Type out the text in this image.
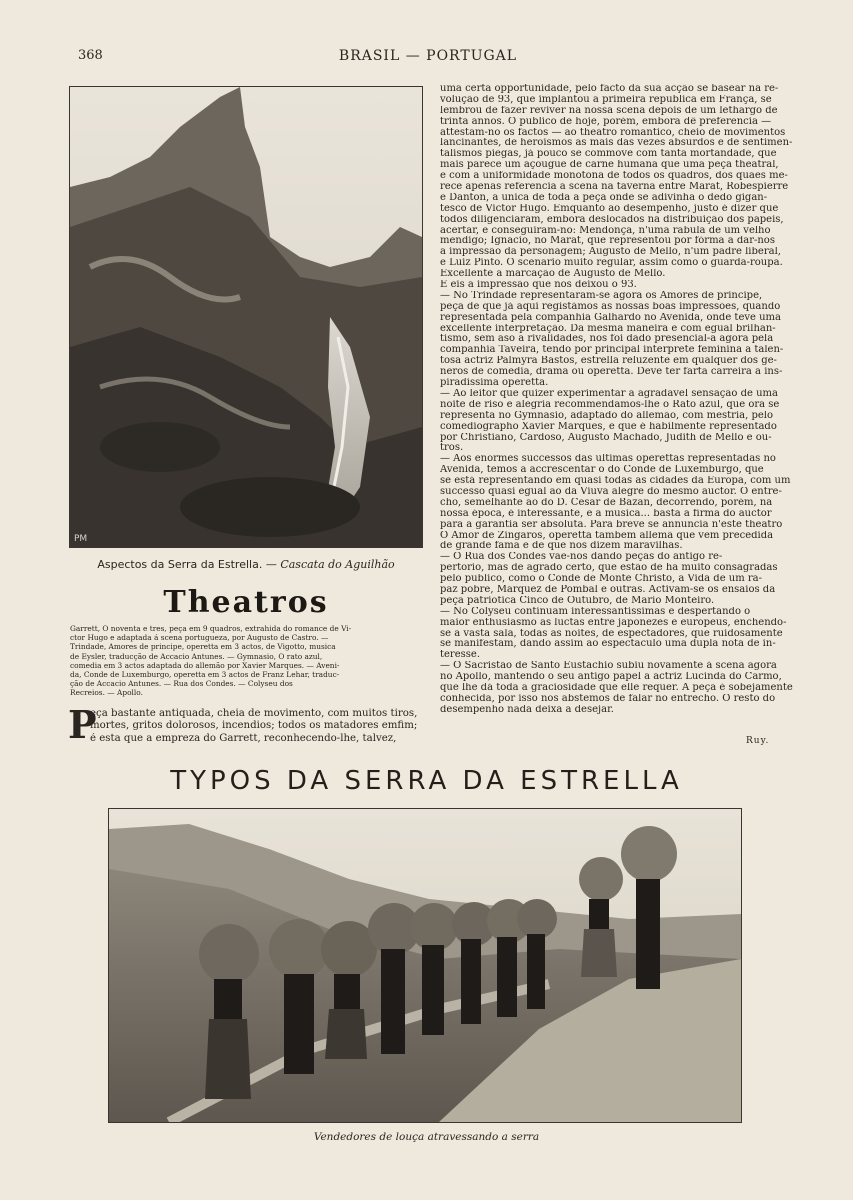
368	BRASIL — PORTUGAL
PM
Aspectos da Serra da Estrella. — Cascata do Aguilhão
Theatros
Garrett, O noventa e tres, peça em 9 quadros, extrahida do romance de Vi-
ctor Hugo e adaptada á scena portugueza, por Augusto de Castro. —
Trindade, Amores de principe, operetta em 3 actos, de Vigotto, musica
de Eysler, traducção de Accacio Antunes. — Gymnasio, O rato azul,
comedia em 3 actos adaptada do allemão por Xavier Marques. — Aveni-
da, Conde de Luxemburgo, operetta em 3 actos de Franz Lehar, traduc-
ção de Accacio Antunes. — Rua dos Condes. — Colyseu dos
Recreios. — Apollo.
P
eça bastante antiquada, cheia de movimento, com muitos tiros,
mortes, gritos dolorosos, incendios; todos os matadores emfim;
é esta que a empreza do Garrett, reconhecendo-lhe, talvez,
uma certa opportunidade, pelo facto da sua acção se basear na re-
volução de 93, que implantou a primeira republica em França, se
lembrou de fazer reviver na nossa scena depois de um lethargo de
trinta annos. O publico de hoje, porém, embora dê preferencia —
attestam-no os factos — ao theatro romantico, cheio de movimentos
lancinantes, de heroismos as mais das vezes absurdos e de sentimen-
talismos piegas, já pouco se commove com tanta mortandade, que
mais parece um açougue de carne humana que uma peça theatral,
e com a uniformidade monotona de todos os quadros, dos quaes me-
rece apenas referencia a scena na taverna entre Marat, Robespierre
e Danton, a unica de toda a peça onde se adivinha o dedo gigan-
tesco de Victor Hugo. Emquanto ao desempenho, justo é dizer que
todos diligenciaram, embora deslocados na distribuição dos papeis,
acertar, e conseguiram-no: Mendonça, n'uma rabula de um velho
mendigo; Ignacio, no Marat, que representou por fórma a dar-nos
a impressão da personagem; Augusto de Mello, n'um padre liberal,
e Luiz Pinto. O scenario muito regular, assim como o guarda-roupa.
Excellente a marcação de Augusto de Mello.
E eis a impressão que nos deixou o 93.
— No Trindade representaram-se agora os Amores de principe,
peça de que já aqui registámos as nossas boas impressões, quando
representada pela companhia Galhardo no Avenida, onde teve uma
excellente interpretação. Da mesma maneira e com egual brilhan-
tismo, sem aso a rivalidades, nos foi dado presencial-a agora pela
companhia Taveira, tendo por principal interprete feminina a talen-
tosa actriz Palmyra Bastos, estrella reluzente em qualquer dos ge-
neros de comedia, drama ou operetta. Deve ter farta carreira a ins-
piradissima operetta.
— Ao leitor que quizer experimentar a agradavel sensação de uma
noite de riso e alegria recommendamos-lhe o Rato azul, que ora se
representa no Gymnasio, adaptado do allemão, com mestria, pelo
comediographo Xavier Marques, e que é habilmente representado
por Christiano, Cardoso, Augusto Machado, Judith de Mello e ou-
tros.
— Aos enormes successos das ultimas operettas representadas no
Avenida, temos a accrescentar o do Conde de Luxemburgo, que
se está representando em quasi todas as cidades da Europa, com um
successo quasi egual ao da Viuva alegre do mesmo auctor. O entre-
cho, semelhante ao do D. Cesar de Bazan, decorrendo, porém, na
nossa época, é interessante, e a musica... basta a firma do auctor
para a garantia ser absoluta. Para breve se annuncia n'este theatro
O Amor de Zingaros, operetta tambem allemã que vem precedida
de grande fama e de que nos dizem maravilhas.
— O Rua dos Condes vae-nos dando peças do antigo re-
pertorio, mas de agrado certo, que estão de ha muito consagradas
pelo publico, como o Conde de Monte Christo, a Vida de um ra-
paz pobre, Marquez de Pombal e outras. Activam-se os ensaios da
peça patriotica Cinco de Outubro, de Mario Monteiro.
— No Colyseu continuam interessantissimas e despertando o
maior enthusiasmo as luctas entre japonezes e europeus, enchendo-
se a vasta sala, todas as noites, de espectadores, que ruidosamente
se manifestam, dando assim ao espectaculo uma dupla nota de in-
teresse.
— O Sacristão de Santo Eustachio subiu novamente á scena agora
no Apollo, mantendo o seu antigo papel a actriz Lucinda do Carmo,
que lhe dá toda a graciosidade que elle requer. A peça é sobejamente
conhecida, por isso nos abstemos de falar no entrecho. O resto do
desempenho nada deixa a desejar.
Ruy.
TYPOS DA SERRA DA ESTRELLA
Vendedores de louça atravessando a serra
